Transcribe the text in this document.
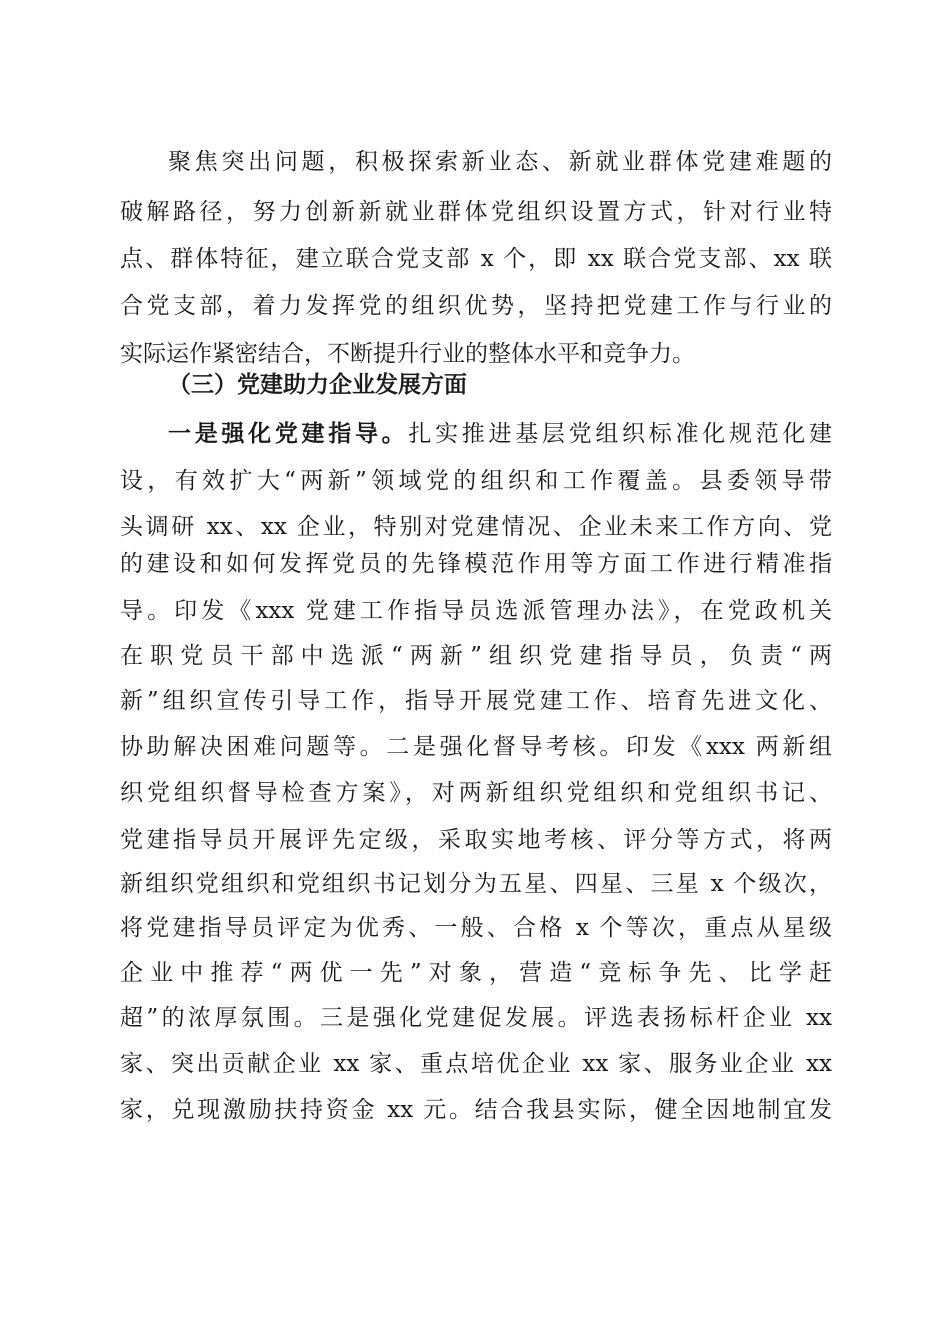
聚焦突出问题，积极探索新业态、新就业群体党建难题的
破解路径，努力创新新就业群体党组织设置方式，针对行业特
点、群体特征，建立联合党支部 x 个，即 xx 联合党支部、xx 联
合党支部，着力发挥党的组织优势，坚持把党建工作与行业的
实际运作紧密结合，不断提升行业的整体水平和竞争力。
（三）党建助力企业发展方面
一是强化党建指导。扎实推进基层党组织标准化规范化建
设，有效扩大“两新”领域党的组织和工作覆盖。县委领导带
头调研 xx、xx 企业，特别对党建情况、企业未来工作方向、党
的建设和如何发挥党员的先锋模范作用等方面工作进行精准指
导。印发《xxx 党建工作指导员选派管理办法》，在党政机关
在职党员干部中选派“两新”组织党建指导员，负责“两
新”组织宣传引导工作，指导开展党建工作、培育先进文化、
协助解决困难问题等。二是强化督导考核。印发《xxx 两新组
织党组织督导检查方案》，对两新组织党组织和党组织书记、
党建指导员开展评先定级，采取实地考核、评分等方式，将两
新组织党组织和党组织书记划分为五星、四星、三星 x 个级次，
将党建指导员评定为优秀、一般、合格 x 个等次，重点从星级
企业中推荐“两优一先”对象，营造“竞标争先、比学赶
超”的浓厚氛围。三是强化党建促发展。评选表扬标杆企业 xx
家、突出贡献企业 xx 家、重点培优企业 xx 家、服务业企业 xx
家，兑现激励扶持资金 xx 元。结合我县实际，健全因地制宜发
